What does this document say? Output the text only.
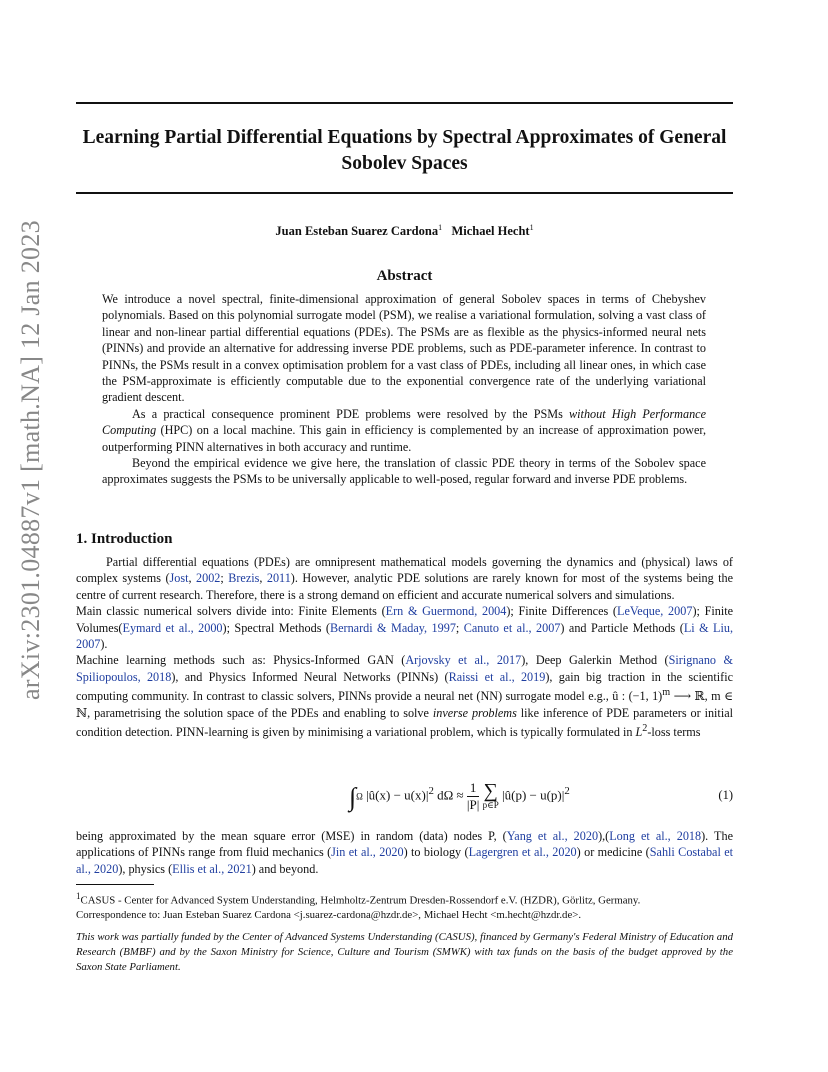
arXiv:2301.04887v1 [math.NA] 12 Jan 2023
Learning Partial Differential Equations by Spectral Approximates of General Sobolev Spaces
Juan Esteban Suarez Cardona$^1$ Michael Hecht$^1$
Abstract

We introduce a novel spectral, finite-dimensional approximation of general Sobolev spaces in terms of Chebyshev polynomials. Based on this polynomial surrogate model (PSM), we realise a variational formulation, solving a vast class of linear and non-linear partial differential equations (PDEs). The PSMs are as flexible as the physics-informed neural nets (PINNs) and provide an alternative for addressing inverse PDE problems, such as PDE-parameter inference. In contrast to PINNs, the PSMs result in a convex optimisation problem for a vast class of PDEs, including all linear ones, in which case the PSM-approximate is efficiently computable due to the exponential convergence rate of the underlying variational gradient descent.

As a practical consequence prominent PDE problems were resolved by the PSMs without High Performance Computing (HPC) on a local machine. This gain in efficiency is complemented by an increase of approximation power, outperforming PINN alternatives in both accuracy and runtime.

Beyond the empirical evidence we give here, the translation of classic PDE theory in terms of the Sobolev space approximates suggests the PSMs to be universally applicable to well-posed, regular forward and inverse PDE problems.

1. Introduction

Partial differential equations (PDEs) are omnipresent mathematical models governing the dynamics and (physical) laws of complex systems (Jost, 2002; Brezis, 2011). However, analytic PDE solutions are rarely known for most of the systems being the centre of current research. Therefore, there is a strong demand on efficient and accurate numerical solvers and simulations.

Main classic numerical solvers divide into: Finite Elements (Ern & Guermond, 2004); Finite Differences (LeVeque, 2007); Finite Volumes(Eymard et al., 2000); Spectral Methods (Bernardi & Maday, 1997; Canuto et al., 2007) and Particle Methods (Li & Liu, 2007).

Machine learning methods such as: Physics-Informed GAN (Arjovsky et al., 2017), Deep Galerkin Method (Sirignano & Spiliopoulos, 2018), and Physics Informed Neural Networks (PINNs) (Raissi et al., 2019), gain big traction in the scientific computing community. In contrast to classic solvers, PINNs provide a neural net (NN) surrogate model e.g., û : (−1, 1)$^m$ ⟶ ℝ, m ∈ ℕ, parametrising the solution space of the PDEs and enabling to solve inverse problems like inference of PDE parameters or initial condition detection. PINN-learning is given by minimising a variational problem, which is typically formulated in $L^2$-loss terms

∫Ω |û(x) − $u(x)|^2$ $d\Omega \approx \frac{1}{|P|}$
∑
p∈P
|û(p) − $u(p)|^2$	(1)

being approximated by the mean square error (MSE) in random (data) nodes P, (Yang et al., 2020),(Long et al., 2018). The applications of PINNs range from fluid mechanics (Jin et al., 2020) to biology (Lagergren et al., 2020) or medicine (Sahli Costabal et al., 2020), physics (Ellis et al., 2021) and beyond.

$^1$CASUS - Center for Advanced System Understanding, Helmholtz-Zentrum Dresden-Rossendorf e.V. (HZDR), Görlitz, Germany.
Correspondence to: Juan Esteban Suarez Cardona <j.suarez-cardona@hzdr.de>, Michael Hecht <m.hecht@hzdr.de>.
This work was partially funded by the Center of Advanced Systems Understanding (CASUS), financed by Germany's Federal Ministry of Education and Research (BMBF) and by the Saxon Ministry for Science, Culture and Tourism (SMWK) with tax funds on the basis of the budget approved by the Saxon State Parliament.
